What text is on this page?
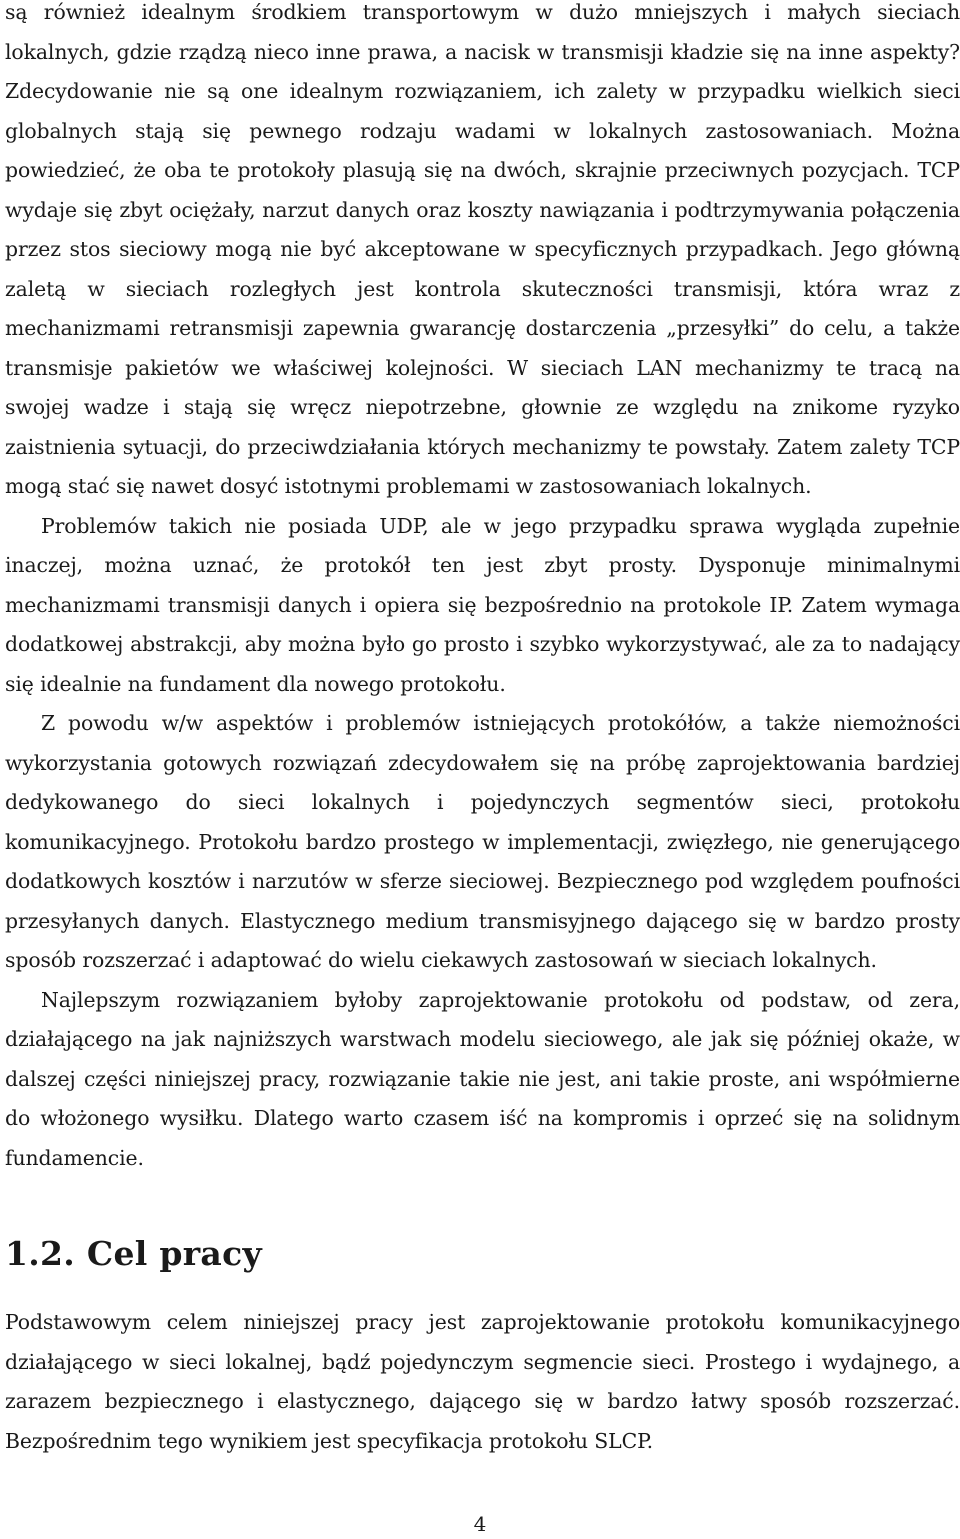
są również idealnym środkiem transportowym w dużo mniejszych i małych sieciach lokalnych, gdzie rządzą nieco inne prawa, a nacisk w transmisji kładzie się na inne aspekty? Zdecydowanie nie są one idealnym rozwiązaniem, ich zalety w przypadku wielkich sieci globalnych stają się pewnego rodzaju wadami w lokalnych zastosowaniach. Można powiedzieć, że oba te protokoły plasują się na dwóch, skrajnie przeciwnych pozycjach. TCP wydaje się zbyt ociężały, narzut danych oraz koszty nawiązania i podtrzymywania połączenia przez stos sieciowy mogą nie być akceptowane w specyficznych przypadkach. Jego główną zaletą w sieciach rozległych jest kontrola skuteczności transmisji, która wraz z mechanizmami retransmisji zapewnia gwarancję dostarczenia „przesyłki” do celu, a także transmisje pakietów we właściwej kolejności. W sieciach LAN mechanizmy te tracą na swojej wadze i stają się wręcz niepotrzebne, głownie ze względu na znikome ryzyko zaistnienia sytuacji, do przeciwdziałania których mechanizmy te powstały. Zatem zalety TCP mogą stać się nawet dosyć istotnymi problemami w zastosowaniach lokalnych.

Problemów takich nie posiada UDP, ale w jego przypadku sprawa wygląda zupełnie inaczej, można uznać, że protokół ten jest zbyt prosty. Dysponuje minimalnymi mechanizmami transmisji danych i opiera się bezpośrednio na protokole IP. Zatem wymaga dodatkowej abstrakcji, aby można było go prosto i szybko wykorzystywać, ale za to nadający się idealnie na fundament dla nowego protokołu.

Z powodu w/w aspektów i problemów istniejących protokółów, a także niemożności wykorzystania gotowych rozwiązań zdecydowałem się na próbę zaprojektowania bardziej dedykowanego do sieci lokalnych i pojedynczych segmentów sieci, protokołu komunikacyjnego. Protokołu bardzo prostego w implementacji, zwięzłego, nie generującego dodatkowych kosztów i narzutów w sferze sieciowej. Bezpiecznego pod względem poufności przesyłanych danych. Elastycznego medium transmisyjnego dającego się w bardzo prosty sposób rozszerzać i adaptować do wielu ciekawych zastosowań w sieciach lokalnych.

Najlepszym rozwiązaniem byłoby zaprojektowanie protokołu od podstaw, od zera, działającego na jak najniższych warstwach modelu sieciowego, ale jak się później okaże, w dalszej części niniejszej pracy, rozwiązanie takie nie jest, ani takie proste, ani współmierne do włożonego wysiłku. Dlatego warto czasem iść na kompromis i oprzeć się na solidnym fundamencie.

1.2. Cel pracy

Podstawowym celem niniejszej pracy jest zaprojektowanie protokołu komunikacyjnego działającego w sieci lokalnej, bądź pojedynczym segmencie sieci. Prostego i wydajnego, a zarazem bezpiecznego i elastycznego, dającego się w bardzo łatwy sposób rozszerzać. Bezpośrednim tego wynikiem jest specyfikacja protokołu SLCP.

4
